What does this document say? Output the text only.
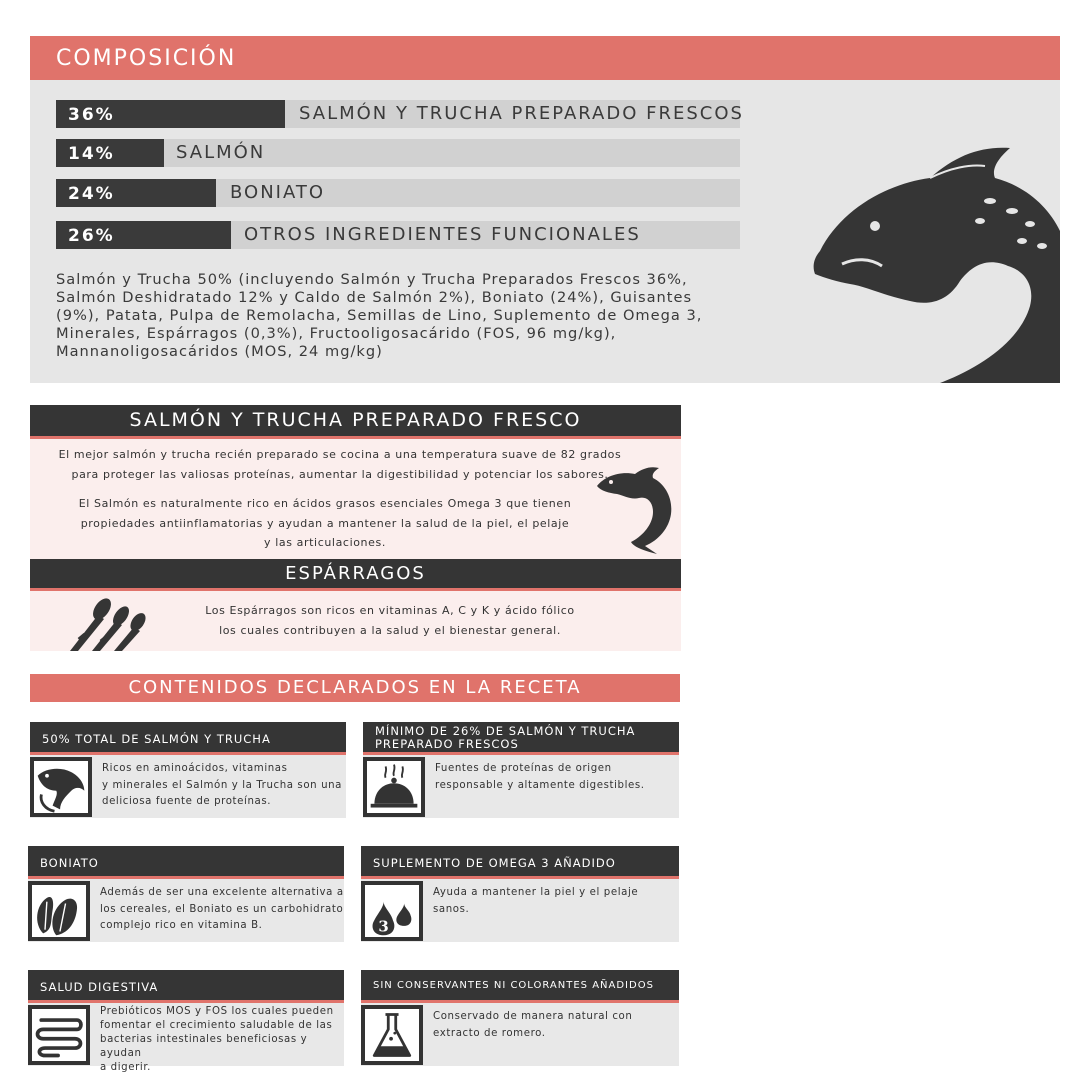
COMPOSICIÓN
36%	SALMÓN Y TRUCHA PREPARADO FRESCOS
14%	SALMÓN
24%	BONIATO
26%	OTROS INGREDIENTES FUNCIONALES
Salmón y Trucha 50% (incluyendo Salmón y Trucha Preparados Frescos 36%,
Salmón Deshidratado 12% y Caldo de Salmón 2%), Boniato (24%), Guisantes
(9%), Patata, Pulpa de Remolacha, Semillas de Lino, Suplemento de Omega 3,
Minerales, Espárragos (0,3%), Fructooligosacárido (FOS, 96 mg/kg),
Mannanoligosacáridos (MOS, 24 mg/kg)
SALMÓN Y TRUCHA PREPARADO FRESCO
El mejor salmón y trucha recién preparado se cocina a una temperatura suave de 82 grados
para proteger las valiosas proteínas, aumentar la digestibilidad y potenciar los sabores.
El Salmón es naturalmente rico en ácidos grasos esenciales Omega 3 que tienen
propiedades antiinflamatorias y ayudan a mantener la salud de la piel, el pelaje
y las articulaciones.
ESPÁRRAGOS
Los Espárragos son ricos en vitaminas A, C y K y ácido fólico
los cuales contribuyen a la salud y el bienestar general.
CONTENIDOS DECLARADOS EN LA RECETA
50% TOTAL DE SALMÓN Y TRUCHA
Ricos en aminoácidos, vitaminas
y minerales el Salmón y la Trucha son una
deliciosa fuente de proteínas.
MÍNIMO DE 26% DE SALMÓN Y TRUCHA
PREPARADO FRESCOS
Fuentes de proteínas de origen
responsable y altamente digestibles.
BONIATO
Además de ser una excelente alternativa a
los cereales, el Boniato es un carbohidrato
complejo rico en vitamina B.
SUPLEMENTO DE OMEGA 3 AÑADIDO
3
Ayuda a mantener la piel y el pelaje
sanos.
SALUD DIGESTIVA
Prebióticos MOS y FOS los cuales pueden
fomentar el crecimiento saludable de las
bacterias intestinales beneficiosas y ayudan
a digerir.
SIN CONSERVANTES NI COLORANTES AÑADIDOS
Conservado de manera natural con
extracto de romero.
